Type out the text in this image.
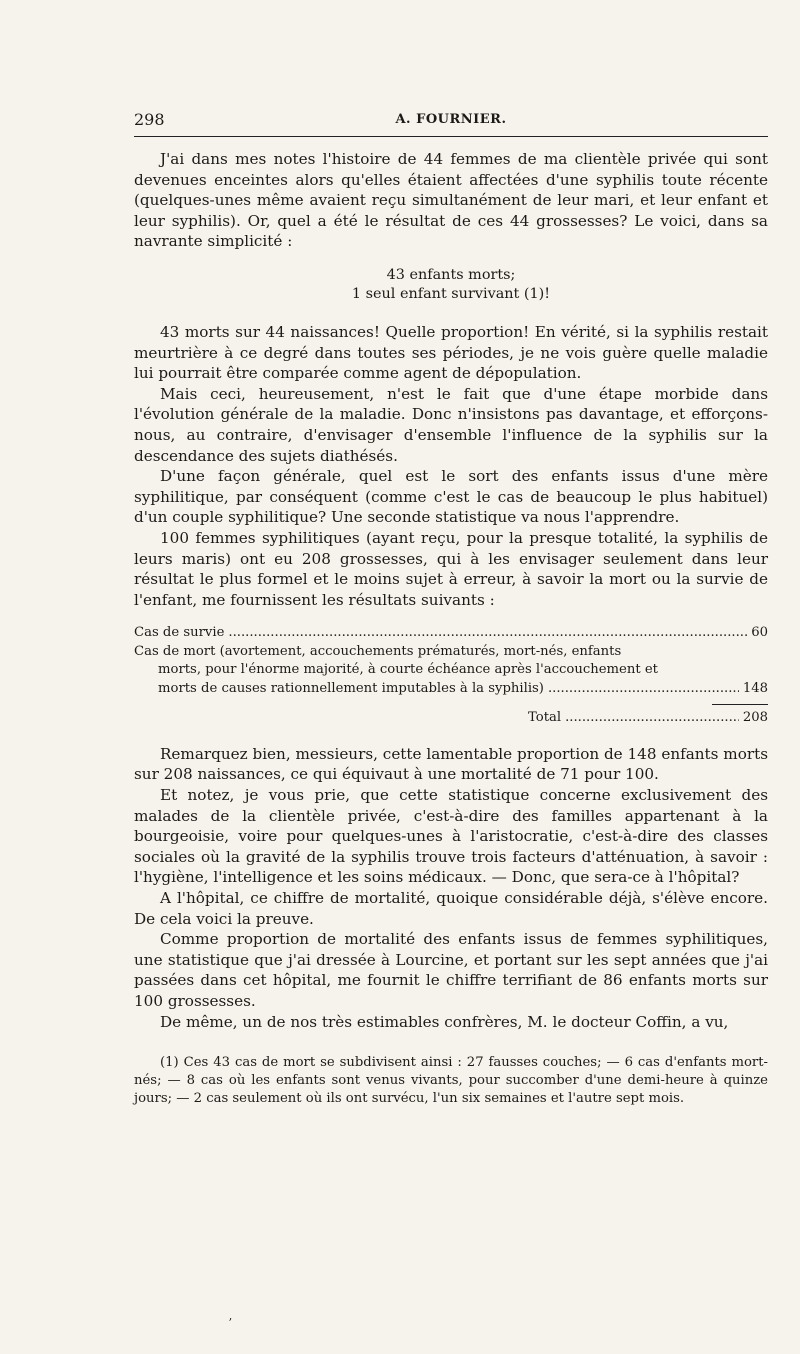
298	A. FOURNIER.

J'ai dans mes notes l'histoire de 44 femmes de ma clientèle privée qui sont devenues enceintes alors qu'elles étaient affectées d'une syphilis toute récente (quelques-unes même avaient reçu simultanément de leur mari, et leur enfant et leur syphilis). Or, quel a été le résultat de ces 44 grossesses? Le voici, dans sa navrante simplicité :

43 enfants morts;
1 seul enfant survivant (1)!

43 morts sur 44 naissances! Quelle proportion! En vérité, si la syphilis restait meurtrière à ce degré dans toutes ses périodes, je ne vois guère quelle maladie lui pourrait être comparée comme agent de dépopulation.

Mais ceci, heureusement, n'est le fait que d'une étape morbide dans l'évolution générale de la maladie. Donc n'insistons pas davantage, et efforçons-nous, au contraire, d'envisager d'ensemble l'influence de la syphilis sur la descendance des sujets diathésés.

D'une façon générale, quel est le sort des enfants issus d'une mère syphilitique, par conséquent (comme c'est le cas de beaucoup le plus habituel) d'un couple syphilitique? Une seconde statistique va nous l'apprendre.

100 femmes syphilitiques (ayant reçu, pour la presque totalité, la syphilis de leurs maris) ont eu 208 grossesses, qui à les envisager seulement dans leur résultat le plus formel et le moins sujet à erreur, à savoir la mort ou la survie de l'enfant, me fournissent les résultats suivants :

Cas de survie .....	60
Cas de mort (avortement, accouchements prématurés, mort-nés, enfants
morts, pour l'énorme majorité, à courte échéance après l'accouchement et
morts de causes rationnellement imputables à la syphilis) .....	148
Total .....	208

Remarquez bien, messieurs, cette lamentable proportion de 148 enfants morts sur 208 naissances, ce qui équivaut à une mortalité de 71 pour 100.

Et notez, je vous prie, que cette statistique concerne exclusivement des malades de la clientèle privée, c'est-à-dire des familles appartenant à la bourgeoisie, voire pour quelques-unes à l'aristocratie, c'est-à-dire des classes sociales où la gravité de la syphilis trouve trois facteurs d'atténuation, à savoir : l'hygiène, l'intelligence et les soins médicaux. — Donc, que sera-ce à l'hôpital?

A l'hôpital, ce chiffre de mortalité, quoique considérable déjà, s'élève encore. De cela voici la preuve.

Comme proportion de mortalité des enfants issus de femmes syphilitiques, une statistique que j'ai dressée à Lourcine, et portant sur les sept années que j'ai passées dans cet hôpital, me fournit le chiffre terrifiant de 86 enfants morts sur 100 grossesses.

De même, un de nos très estimables confrères, M. le docteur Coffin, a vu,

(1) Ces 43 cas de mort se subdivisent ainsi : 27 fausses couches; — 6 cas d'enfants mort-nés; — 8 cas où les enfants sont venus vivants, pour succomber d'une demi-heure à quinze jours; — 2 cas seulement où ils ont survécu, l'un six semaines et l'autre sept mois.
ʼ
